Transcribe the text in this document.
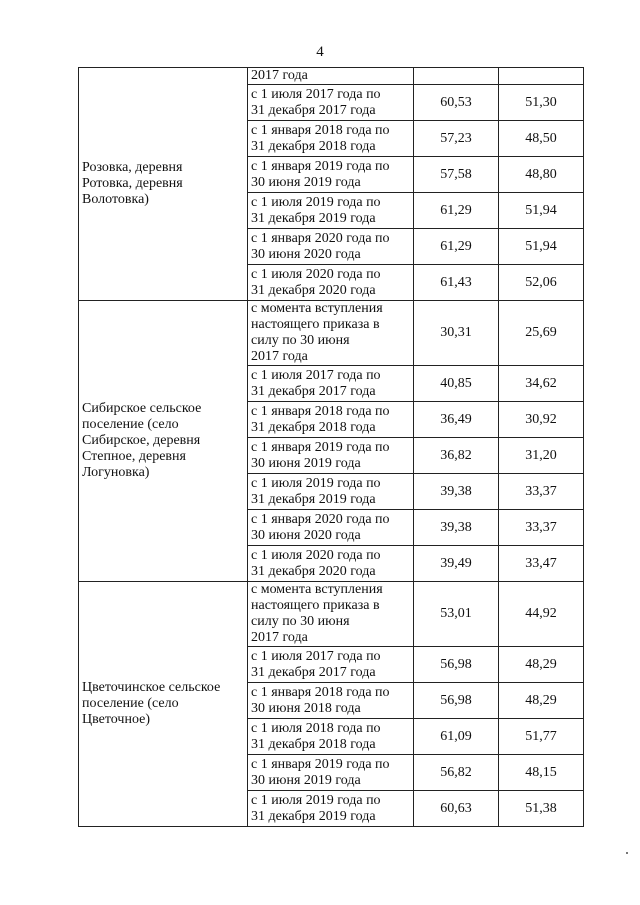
4
Розовка, деревня
Ротовка, деревня
Волотовка)	2017 года		
	с 1 июля 2017 года по
31 декабря 2017 года	60,53	51,30
	с 1 января 2018 года по
31 декабря 2018 года	57,23	48,50
	с 1 января 2019 года по
30 июня 2019 года	57,58	48,80
	с 1 июля 2019 года по
31 декабря 2019 года	61,29	51,94
	с 1 января 2020 года по
30 июня 2020 года	61,29	51,94
	с 1 июля 2020 года по
31 декабря 2020 года	61,43	52,06
Сибирское сельское
поселение (село
Сибирское, деревня
Степное, деревня
Логуновка)	с момента вступления
настоящего приказа в
силу по 30 июня
2017 года	30,31	25,69
	с 1 июля 2017 года по
31 декабря 2017 года	40,85	34,62
	с 1 января 2018 года по
31 декабря 2018 года	36,49	30,92
	с 1 января 2019 года по
30 июня 2019 года	36,82	31,20
	с 1 июля 2019 года по
31 декабря 2019 года	39,38	33,37
	с 1 января 2020 года по
30 июня 2020 года	39,38	33,37
	с 1 июля 2020 года по
31 декабря 2020 года	39,49	33,47
Цветочинское сельское
поселение (село
Цветочное)	с момента вступления
настоящего приказа в
силу по 30 июня
2017 года	53,01	44,92
	с 1 июля 2017 года по
31 декабря 2017 года	56,98	48,29
	с 1 января 2018 года по
30 июня 2018 года	56,98	48,29
	с 1 июля 2018 года по
31 декабря 2018 года	61,09	51,77
	с 1 января 2019 года по
30 июня 2019 года	56,82	48,15
	с 1 июля 2019 года по
31 декабря 2019 года	60,63	51,38
